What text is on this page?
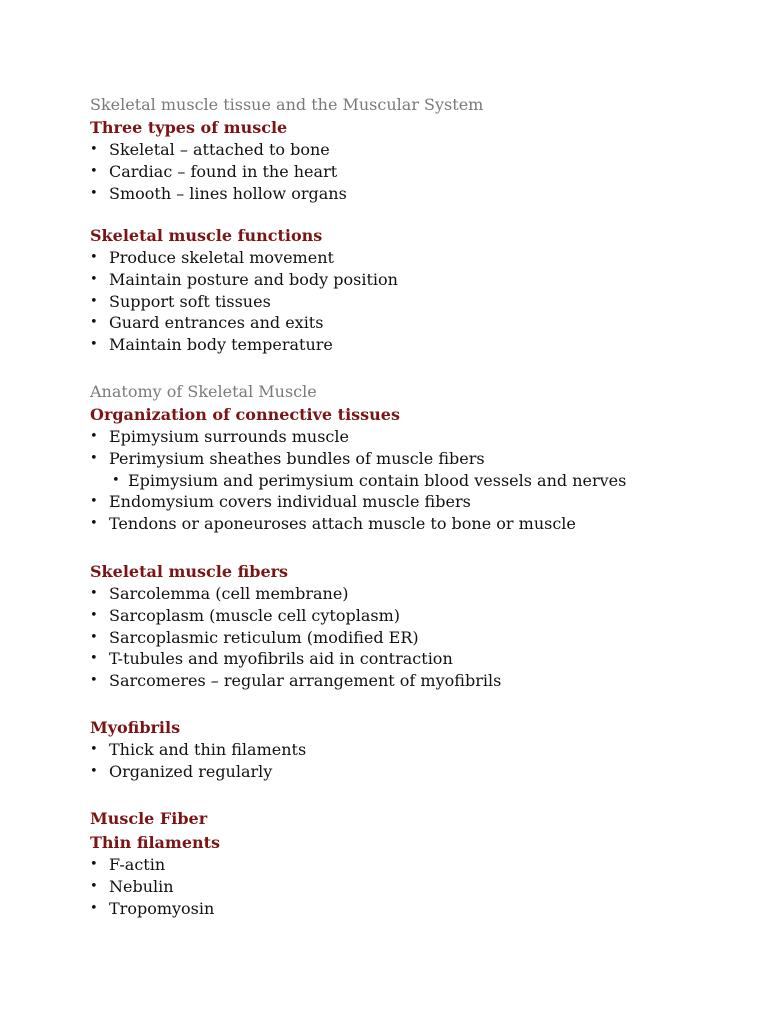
Skeletal muscle tissue and the Muscular System

Three types of muscle

• Skeletal – attached to bone
• Cardiac – found in the heart
• Smooth – lines hollow organs

Skeletal muscle functions

• Produce skeletal movement
• Maintain posture and body position
• Support soft tissues
• Guard entrances and exits
• Maintain body temperature

Anatomy of Skeletal Muscle

Organization of connective tissues

• Epimysium surrounds muscle
• Perimysium sheathes bundles of muscle fibers
• Epimysium and perimysium contain blood vessels and nerves
• Endomysium covers individual muscle fibers
• Tendons or aponeuroses attach muscle to bone or muscle

Skeletal muscle fibers

• Sarcolemma (cell membrane)
• Sarcoplasm (muscle cell cytoplasm)
• Sarcoplasmic reticulum (modified ER)
• T-tubules and myofibrils aid in contraction
• Sarcomeres – regular arrangement of myofibrils

Myofibrils

• Thick and thin filaments
• Organized regularly

Muscle Fiber

Thin filaments

• F-actin
• Nebulin
• Tropomyosin
